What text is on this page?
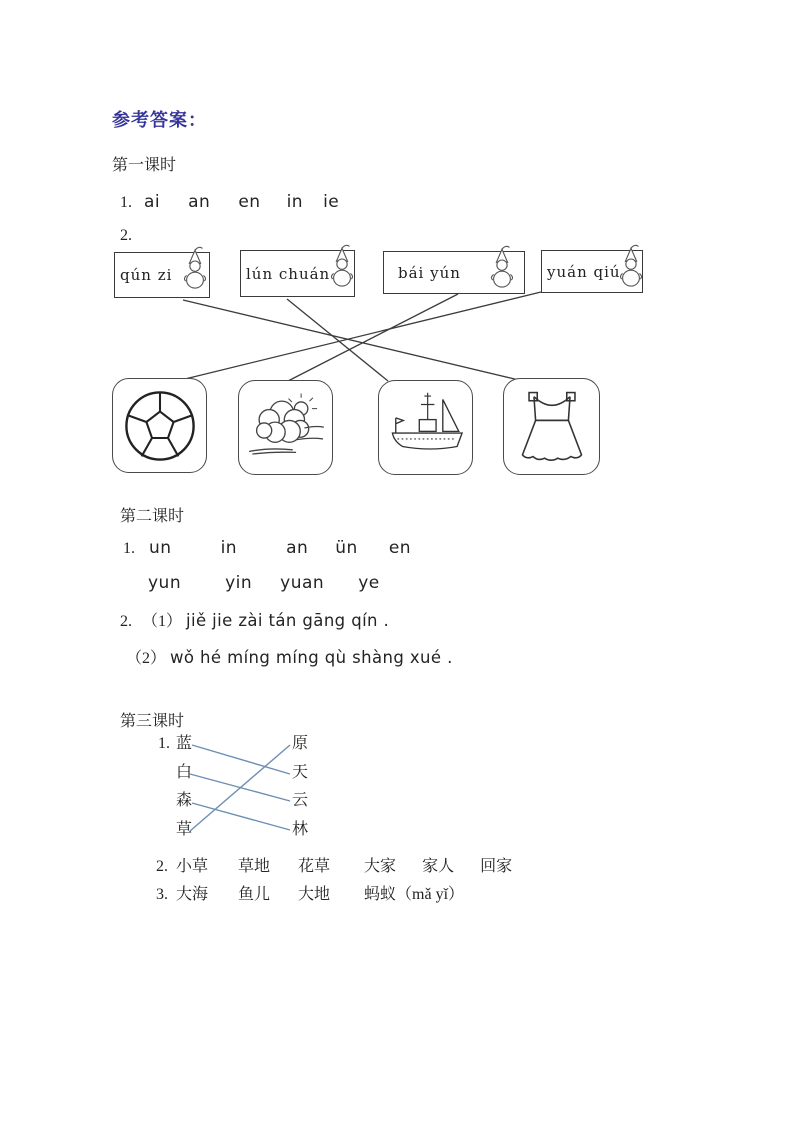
参考答案：
第一课时
1. ai an en in ie
2.
qún zi	lún chuán	bái yún	yuán qiú
第二课时
1. un	in	an ün en
yun	yin yuan ye
2. （1） jiě jie zài tán gāng qín .
（2） wǒ hé míng míng qù shàng xué .
第三课时
1. 蓝
白
森
草
原
天
云
林
2. 小草 草地 花草 大家 家人 回家
3. 大海 鱼儿 大地 蚂蚁（mǎ yǐ）
